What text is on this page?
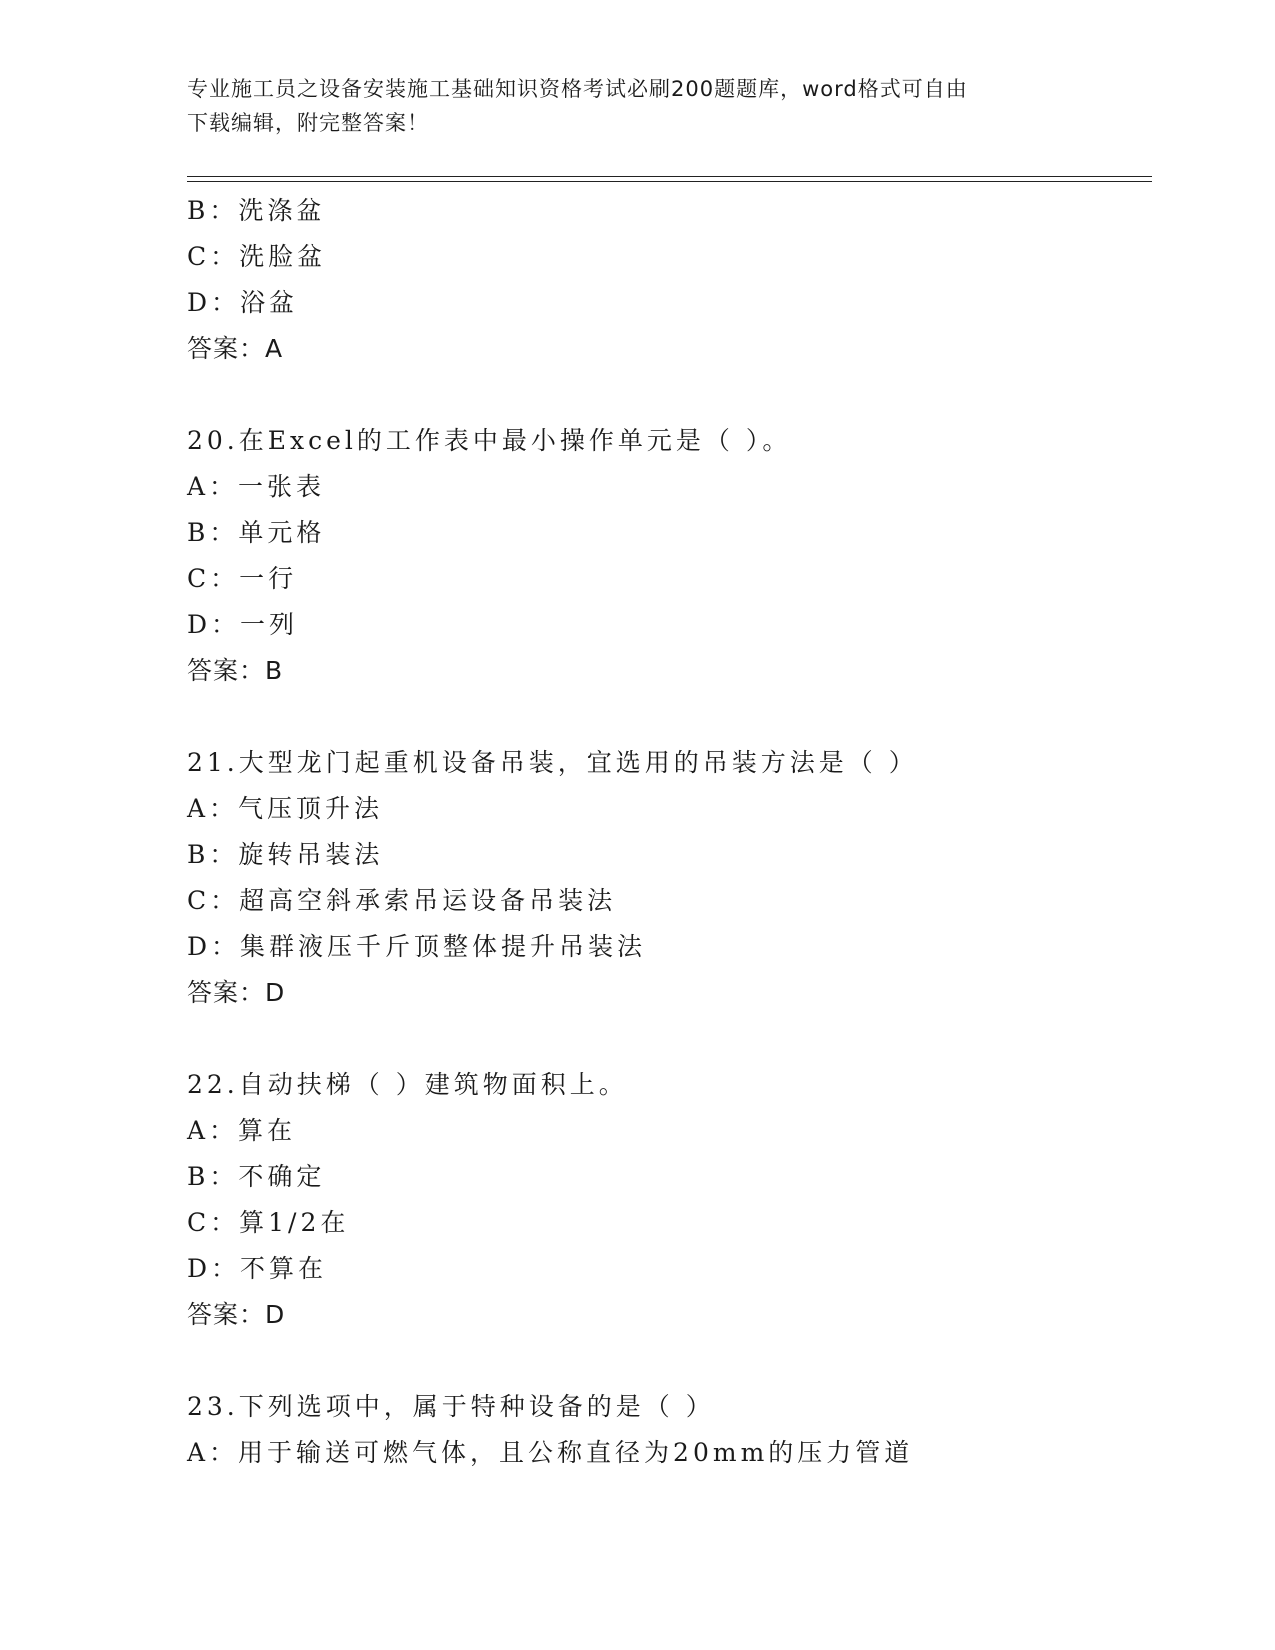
专业施工员之设备安装施工基础知识资格考试必刷200题题库，word格式可自由
下载编辑，附完整答案！
B：洗涤盆
C：洗脸盆
D：浴盆
答案：A
20.在Excel的工作表中最小操作单元是（ ）。
A：一张表
B：单元格
C：一行
D：一列
答案：B
21.大型龙门起重机设备吊装，宜选用的吊装方法是（ ）
A：气压顶升法
B：旋转吊装法
C：超高空斜承索吊运设备吊装法
D：集群液压千斤顶整体提升吊装法
答案：D
22.自动扶梯（ ）建筑物面积上。
A：算在
B：不确定
C：算1/2在
D：不算在
答案：D
23.下列选项中，属于特种设备的是（ ）
A：用于输送可燃气体，且公称直径为20mm的压力管道
